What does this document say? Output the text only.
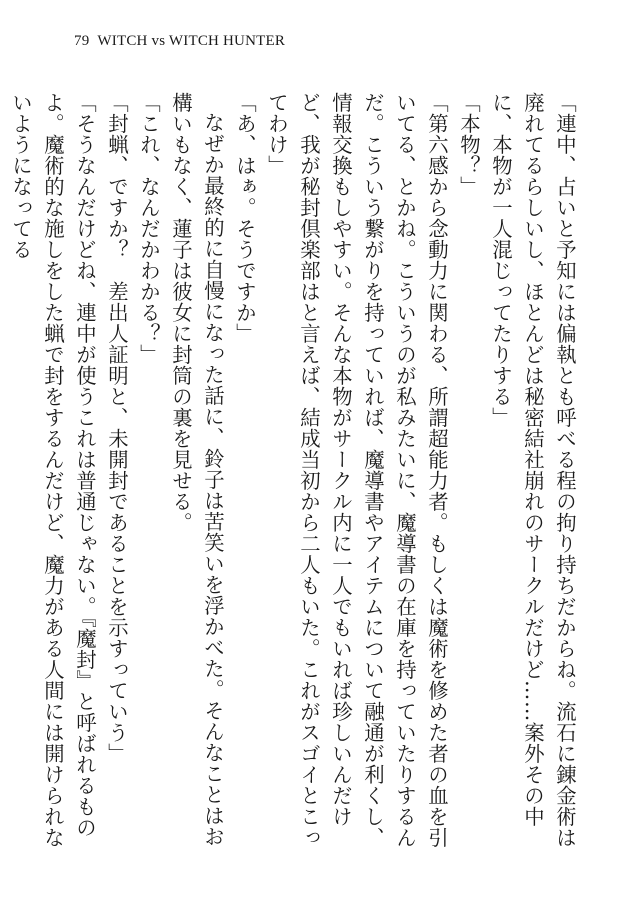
79 WITCH vs WITCH HUNTER

「連中、占いと予知には偏執とも呼べる程の拘り持ちだからね。流石に錬金術は廃れてるらしいし、ほとんどは秘密結社崩れのサークルだけど……案外その中に、本物が一人混じってたりする」

「本物？」

「第六感から念動力に関わる、所謂超能力者。もしくは魔術を修めた者の血を引いてる、とかね。こういうのが私みたいに、魔導書の在庫を持っていたりするんだ。こういう繋がりを持っていれば、魔導書やアイテムについて融通が利くし、情報交換もしやすい。そんな本物がサークル内に一人でもいれば珍しいんだけど、我が秘封倶楽部はと言えば、結成当初から二人もいた。これがスゴイとこってわけ」

「あ、はぁ。そうですか」

なぜか最終的に自慢になった話に、鈴子は苦笑いを浮かべた。そんなことはお構いもなく、蓮子は彼女に封筒の裏を見せる。

「これ、なんだかわかる？」

「封蝋、ですか？　差出人証明と、未開封であることを示すっていう」

「そうなんだけどね、連中が使うこれは普通じゃない。『魔封』と呼ばれるものよ。魔術的な施しをした蝋で封をするんだけど、魔力がある人間には開けられないようになってる
